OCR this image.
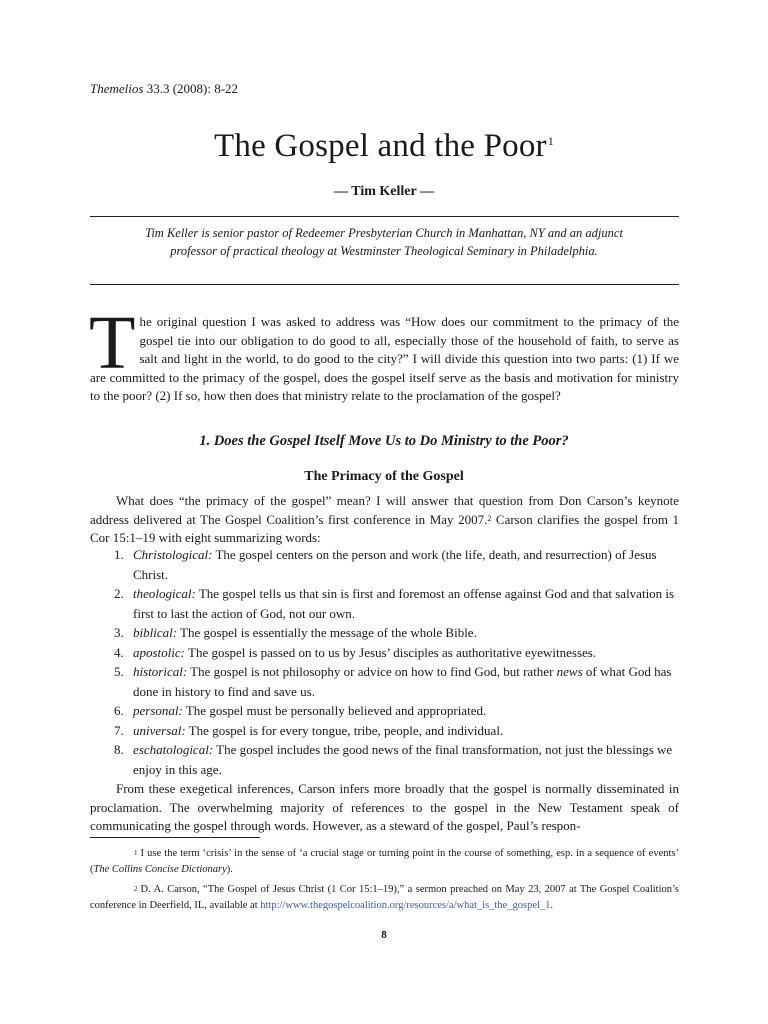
Themelios 33.3 (2008): 8-22
The Gospel and the Poor$^1$
— Tim Keller —
Tim Keller is senior pastor of Redeemer Presbyterian Church in Manhattan, NY and an adjunct professor of practical theology at Westminster Theological Seminary in Philadelphia.
The original question I was asked to address was “How does our commitment to the primacy of the gospel tie into our obligation to do good to all, especially those of the household of faith, to serve as salt and light in the world, to do good to the city?” I will divide this question into two parts: (1) If we are committed to the primacy of the gospel, does the gospel itself serve as the basis and motivation for ministry to the poor? (2) If so, how then does that ministry relate to the proclamation of the gospel?
1. Does the Gospel Itself Move Us to Do Ministry to the Poor?
The Primacy of the Gospel
What does “the primacy of the gospel” mean? I will answer that question from Don Carson’s keynote address delivered at The Gospel Coalition’s first conference in May 2007.$^2$ Carson clarifies the gospel from 1 Cor 15:1–19 with eight summarizing words:
1. Christological: The gospel centers on the person and work (the life, death, and resurrection) of Jesus Christ.
2. theological: The gospel tells us that sin is first and foremost an offense against God and that salvation is first to last the action of God, not our own.
3. biblical: The gospel is essentially the message of the whole Bible.
4. apostolic: The gospel is passed on to us by Jesus’ disciples as authoritative eyewitnesses.
5. historical: The gospel is not philosophy or advice on how to find God, but rather news of what God has done in history to find and save us.
6. personal: The gospel must be personally believed and appropriated.
7. universal: The gospel is for every tongue, tribe, people, and individual.
8. eschatological: The gospel includes the good news of the final transformation, not just the blessings we enjoy in this age.
From these exegetical inferences, Carson infers more broadly that the gospel is normally disseminated in proclamation. The overwhelming majority of references to the gospel in the New Testament speak of communicating the gospel through words. However, as a steward of the gospel, Paul’s respon-

$^1$ I use the term ‘crisis’ in the sense of ‘a crucial stage or turning point in the course of something, esp. in a sequence of events’ (The Collins Concise Dictionary).

$^2$ D. A. Carson, “The Gospel of Jesus Christ (1 Cor 15:1–19),” a sermon preached on May 23, 2007 at The Gospel Coalition’s conference in Deerfield, IL, available at http://www.thegospelcoalition.org/resources/a/what_is_the_gospel_1.

8
